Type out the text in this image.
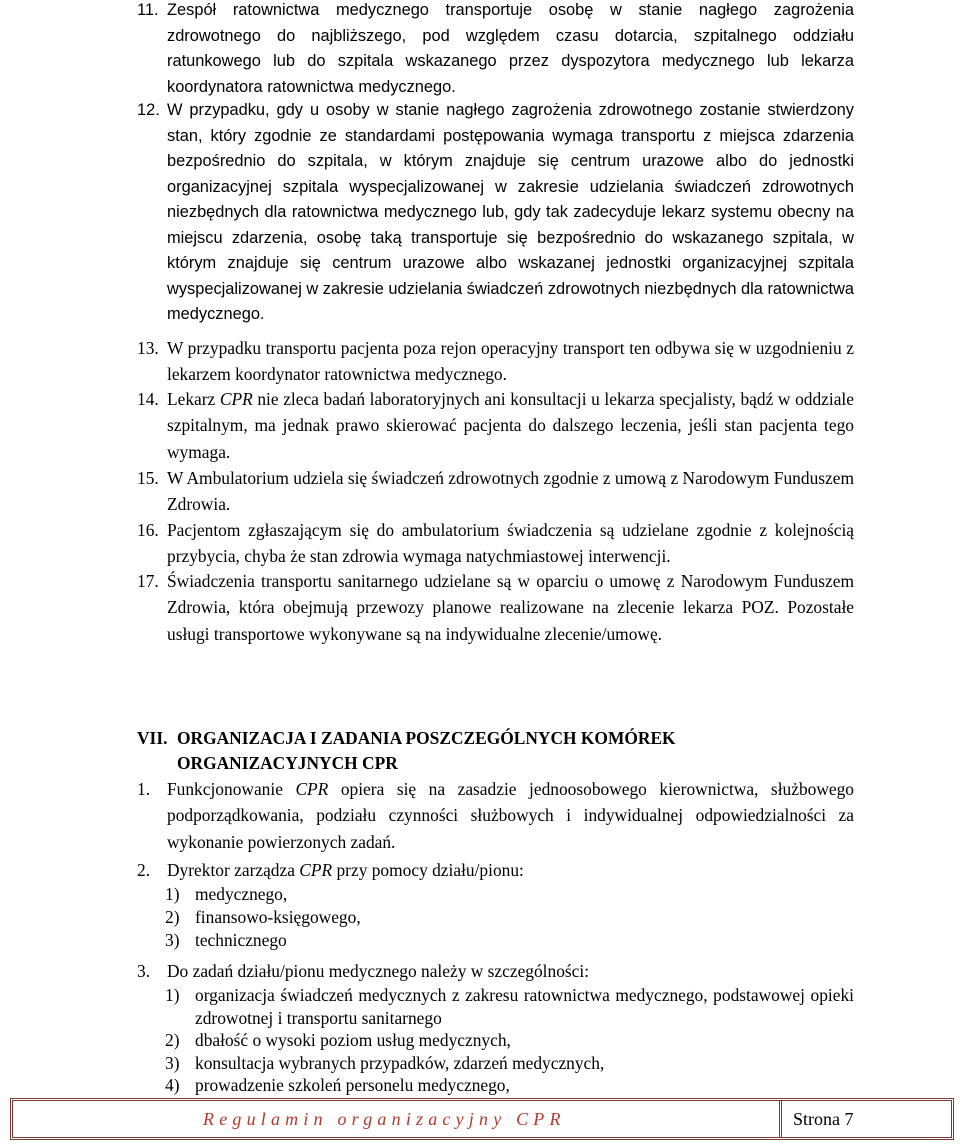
11. Zespół ratownictwa medycznego transportuje osobę w stanie nagłego zagrożenia zdrowotnego do najbliższego, pod względem czasu dotarcia, szpitalnego oddziału ratunkowego lub do szpitala wskazanego przez dyspozytora medycznego lub lekarza koordynatora ratownictwa medycznego.
12. W przypadku, gdy u osoby w stanie nagłego zagrożenia zdrowotnego zostanie stwierdzony stan, który zgodnie ze standardami postępowania wymaga transportu z miejsca zdarzenia bezpośrednio do szpitala, w którym znajduje się centrum urazowe albo do jednostki organizacyjnej szpitala wyspecjalizowanej w zakresie udzielania świadczeń zdrowotnych niezbędnych dla ratownictwa medycznego lub, gdy tak zadecyduje lekarz systemu obecny na miejscu zdarzenia, osobę taką transportuje się bezpośrednio do wskazanego szpitala, w którym znajduje się centrum urazowe albo wskazanej jednostki organizacyjnej szpitala wyspecjalizowanej w zakresie udzielania świadczeń zdrowotnych niezbędnych dla ratownictwa medycznego.
13. W przypadku transportu pacjenta poza rejon operacyjny transport ten odbywa się w uzgodnieniu z lekarzem koordynator ratownictwa medycznego.
14. Lekarz CPR nie zleca badań laboratoryjnych ani konsultacji u lekarza specjalisty, bądź w oddziale szpitalnym, ma jednak prawo skierować pacjenta do dalszego leczenia, jeśli stan pacjenta tego wymaga.
15. W Ambulatorium udziela się świadczeń zdrowotnych zgodnie z umową z Narodowym Funduszem Zdrowia.
16. Pacjentom zgłaszającym się do ambulatorium świadczenia są udzielane zgodnie z kolejnością przybycia, chyba że stan zdrowia wymaga natychmiastowej interwencji.
17. Świadczenia transportu sanitarnego udzielane są w oparciu o umowę z Narodowym Funduszem Zdrowia, która obejmują przewozy planowe realizowane na zlecenie lekarza POZ. Pozostałe usługi transportowe wykonywane są na indywidualne zlecenie/umowę.
VII. ORGANIZACJA I ZADANIA POSZCZEGÓLNYCH KOMÓREK
ORGANIZACYJNYCH CPR
1. Funkcjonowanie CPR opiera się na zasadzie jednoosobowego kierownictwa, służbowego podporządkowania, podziału czynności służbowych i indywidualnej odpowiedzialności za wykonanie powierzonych zadań.
2. Dyrektor zarządza CPR przy pomocy działu/pionu:
1) medycznego,
2) finansowo-księgowego,
3) technicznego
3. Do zadań działu/pionu medycznego należy w szczególności:
1) organizacja świadczeń medycznych z zakresu ratownictwa medycznego, podstawowej opieki zdrowotnej i transportu sanitarnego
2) dbałość o wysoki poziom usług medycznych,
3) konsultacja wybranych przypadków, zdarzeń medycznych,
4) prowadzenie szkoleń personelu medycznego,
Regulamin organizacyjny CPR	Strona 7
